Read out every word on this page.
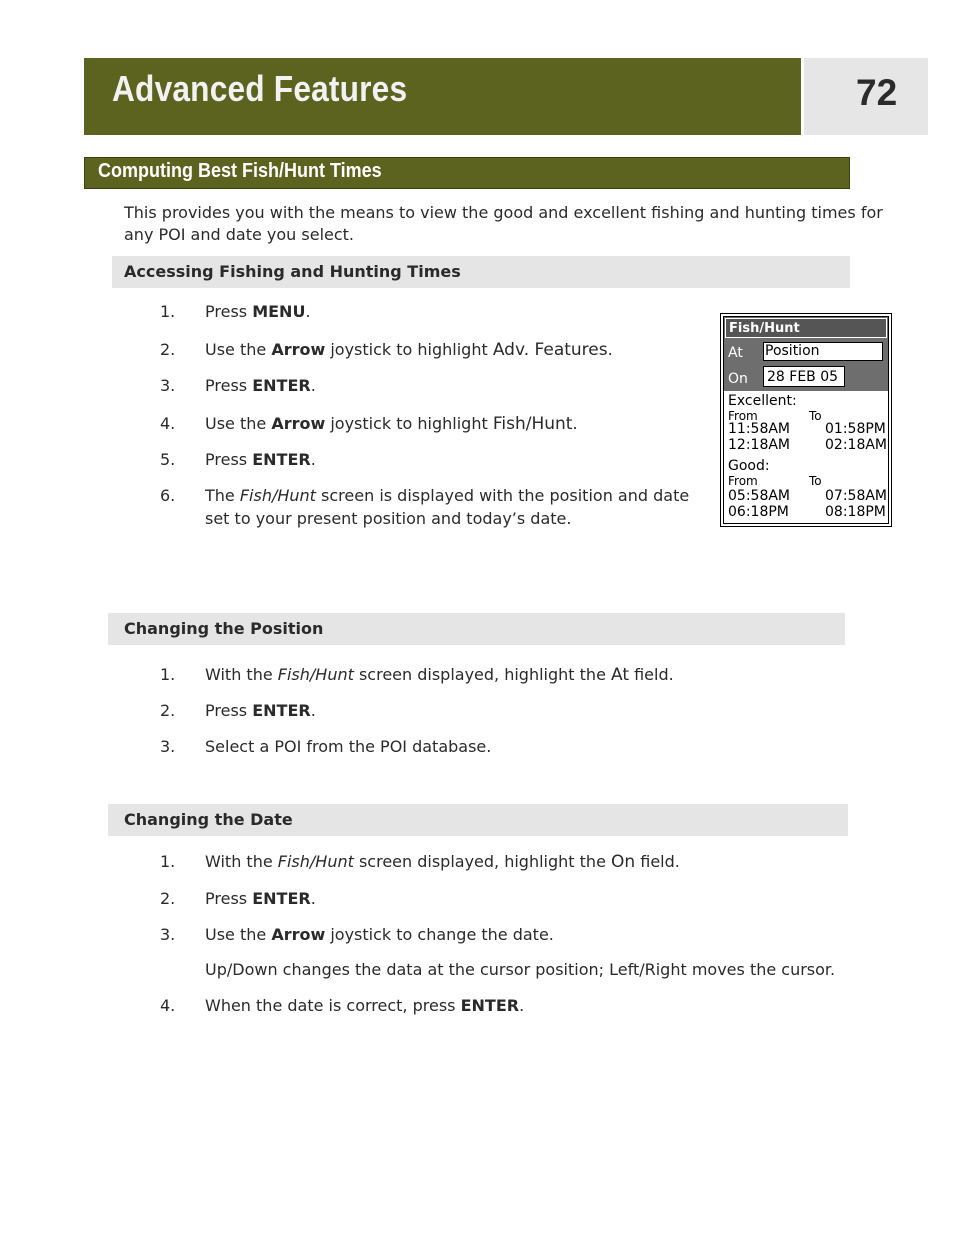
Advanced Features	72
Computing Best Fish/Hunt Times
This provides you with the means to view the good and excellent fishing and hunting times for any POI and date you select.
Accessing Fishing and Hunting Times
1.	Press MENU.
2.	Use the Arrow joystick to highlight Adv. Features.
3.	Press ENTER.
4.	Use the Arrow joystick to highlight Fish/Hunt.
5.	Press ENTER.
6.	The Fish/Hunt screen is displayed with the position and date
set to your present position and today’s date.
Fish/Hunt
At Position
On 28 FEB 05
Excellent:
From	To
11:58AM 01:58PM
12:18AM 02:18AM
Good:
From	To
05:58AM 07:58AM
06:18PM	08:18PM
Changing the Position
1.	With the Fish/Hunt screen displayed, highlight the At field.
2.	Press ENTER.
3.	Select a POI from the POI database.
Changing the Date
1.	With the Fish/Hunt screen displayed, highlight the On field.
2.	Press ENTER.
3.	Use the Arrow joystick to change the date.
Up/Down changes the data at the cursor position; Left/Right moves the cursor.
4.	When the date is correct, press ENTER.
